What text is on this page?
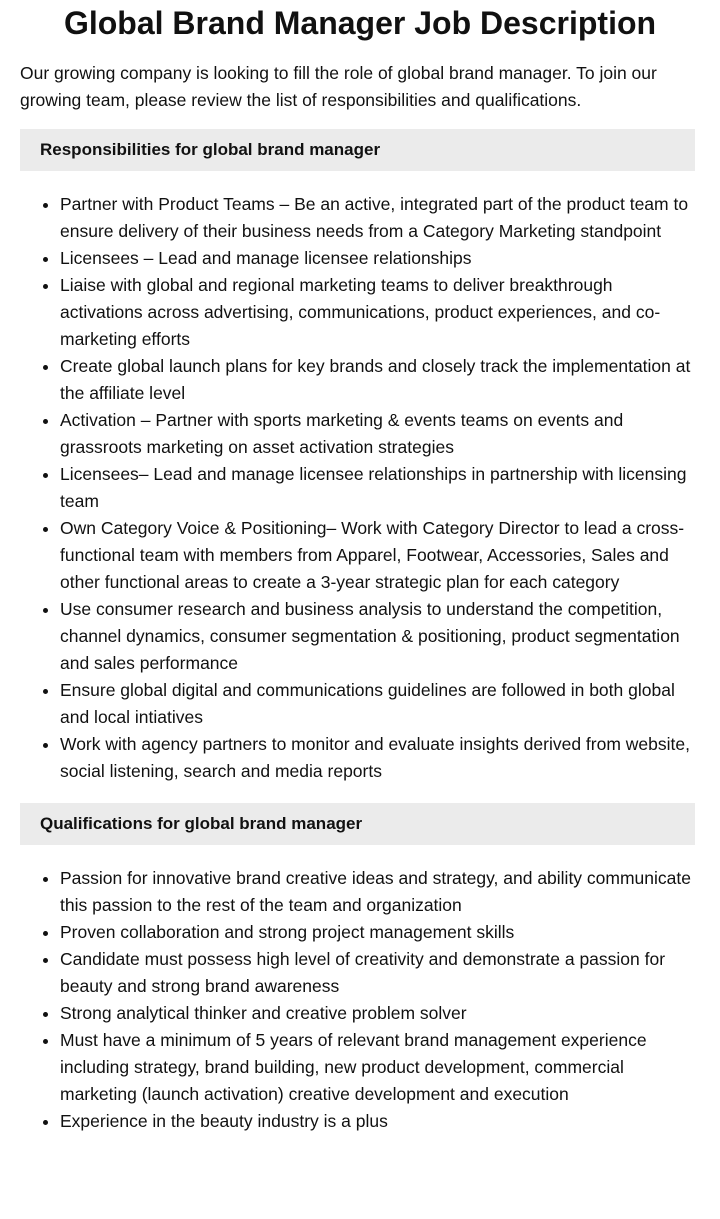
Global Brand Manager Job Description

Our growing company is looking to fill the role of global brand manager. To join our growing team, please review the list of responsibilities and qualifications.

Responsibilities for global brand manager
• Partner with Product Teams – Be an active, integrated part of the product team to ensure delivery of their business needs from a Category Marketing standpoint
• Licensees – Lead and manage licensee relationships
• Liaise with global and regional marketing teams to deliver breakthrough activations across advertising, communications, product experiences, and co-marketing efforts
• Create global launch plans for key brands and closely track the implementation at the affiliate level
• Activation – Partner with sports marketing & events teams on events and grassroots marketing on asset activation strategies
• Licensees– Lead and manage licensee relationships in partnership with licensing team
• Own Category Voice & Positioning– Work with Category Director to lead a cross-functional team with members from Apparel, Footwear, Accessories, Sales and other functional areas to create a 3-year strategic plan for each category
• Use consumer research and business analysis to understand the competition, channel dynamics, consumer segmentation & positioning, product segmentation and sales performance
• Ensure global digital and communications guidelines are followed in both global and local intiatives
• Work with agency partners to monitor and evaluate insights derived from website, social listening, search and media reports
Qualifications for global brand manager
• Passion for innovative brand creative ideas and strategy, and ability communicate this passion to the rest of the team and organization
• Proven collaboration and strong project management skills
• Candidate must possess high level of creativity and demonstrate a passion for beauty and strong brand awareness
• Strong analytical thinker and creative problem solver
• Must have a minimum of 5 years of relevant brand management experience including strategy, brand building, new product development, commercial marketing (launch activation) creative development and execution
• Experience in the beauty industry is a plus
